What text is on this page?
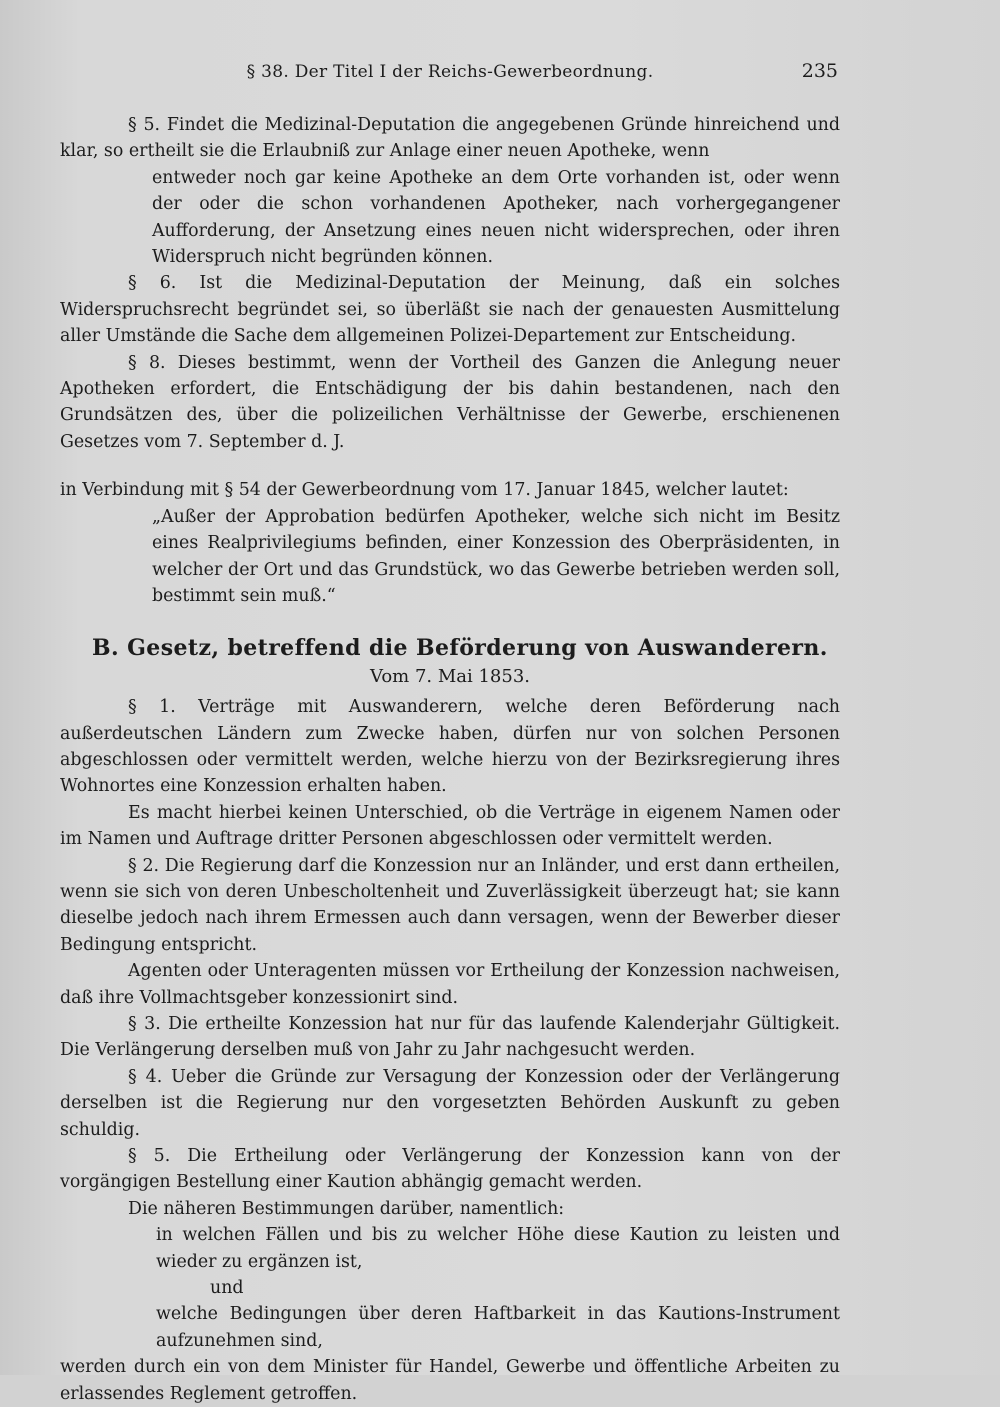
§ 38. Der Titel I der Reichs-Gewerbeordnung.	235

§ 5. Findet die Medizinal-Deputation die angegebenen Gründe hinreichend und klar, so ertheilt sie die Erlaubniß zur Anlage einer neuen Apotheke, wenn

entweder noch gar keine Apotheke an dem Orte vorhanden ist, oder wenn der oder die schon vorhandenen Apotheker, nach vorhergegangener Aufforderung, der Ansetzung eines neuen nicht widersprechen, oder ihren Widerspruch nicht begründen können.

§ 6. Ist die Medizinal-Deputation der Meinung, daß ein solches Widerspruchsrecht begründet sei, so überläßt sie nach der genauesten Ausmittelung aller Umstände die Sache dem allgemeinen Polizei-Departement zur Entscheidung.

§ 8. Dieses bestimmt, wenn der Vortheil des Ganzen die Anlegung neuer Apotheken erfordert, die Entschädigung der bis dahin bestandenen, nach den Grundsätzen des, über die polizeilichen Verhältnisse der Gewerbe, erschienenen Gesetzes vom 7. September d. J.

in Verbindung mit § 54 der Gewerbeordnung vom 17. Januar 1845, welcher lautet:

„Außer der Approbation bedürfen Apotheker, welche sich nicht im Besitz eines Realprivilegiums befinden, einer Konzession des Oberpräsidenten, in welcher der Ort und das Grundstück, wo das Gewerbe betrieben werden soll, bestimmt sein muß.“

B. Gesetz, betreffend die Beförderung von Auswanderern.

Vom 7. Mai 1853.

§ 1. Verträge mit Auswanderern, welche deren Beförderung nach außerdeutschen Ländern zum Zwecke haben, dürfen nur von solchen Personen abgeschlossen oder vermittelt werden, welche hierzu von der Bezirksregierung ihres Wohnortes eine Konzession erhalten haben.

Es macht hierbei keinen Unterschied, ob die Verträge in eigenem Namen oder im Namen und Auftrage dritter Personen abgeschlossen oder vermittelt werden.

§ 2. Die Regierung darf die Konzession nur an Inländer, und erst dann ertheilen, wenn sie sich von deren Unbescholtenheit und Zuverlässigkeit überzeugt hat; sie kann dieselbe jedoch nach ihrem Ermessen auch dann versagen, wenn der Bewerber dieser Bedingung entspricht.

Agenten oder Unteragenten müssen vor Ertheilung der Konzession nachweisen, daß ihre Vollmachtsgeber konzessionirt sind.

§ 3. Die ertheilte Konzession hat nur für das laufende Kalenderjahr Gültigkeit. Die Verlängerung derselben muß von Jahr zu Jahr nachgesucht werden.

§ 4. Ueber die Gründe zur Versagung der Konzession oder der Verlängerung derselben ist die Regierung nur den vorgesetzten Behörden Auskunft zu geben schuldig.

§ 5. Die Ertheilung oder Verlängerung der Konzession kann von der vorgängigen Bestellung einer Kaution abhängig gemacht werden.

Die näheren Bestimmungen darüber, namentlich:

in welchen Fällen und bis zu welcher Höhe diese Kaution zu leisten und wieder zu ergänzen ist,

und

welche Bedingungen über deren Haftbarkeit in das Kautions-Instrument aufzunehmen sind,

werden durch ein von dem Minister für Handel, Gewerbe und öffentliche Arbeiten zu erlassendes Reglement getroffen.
